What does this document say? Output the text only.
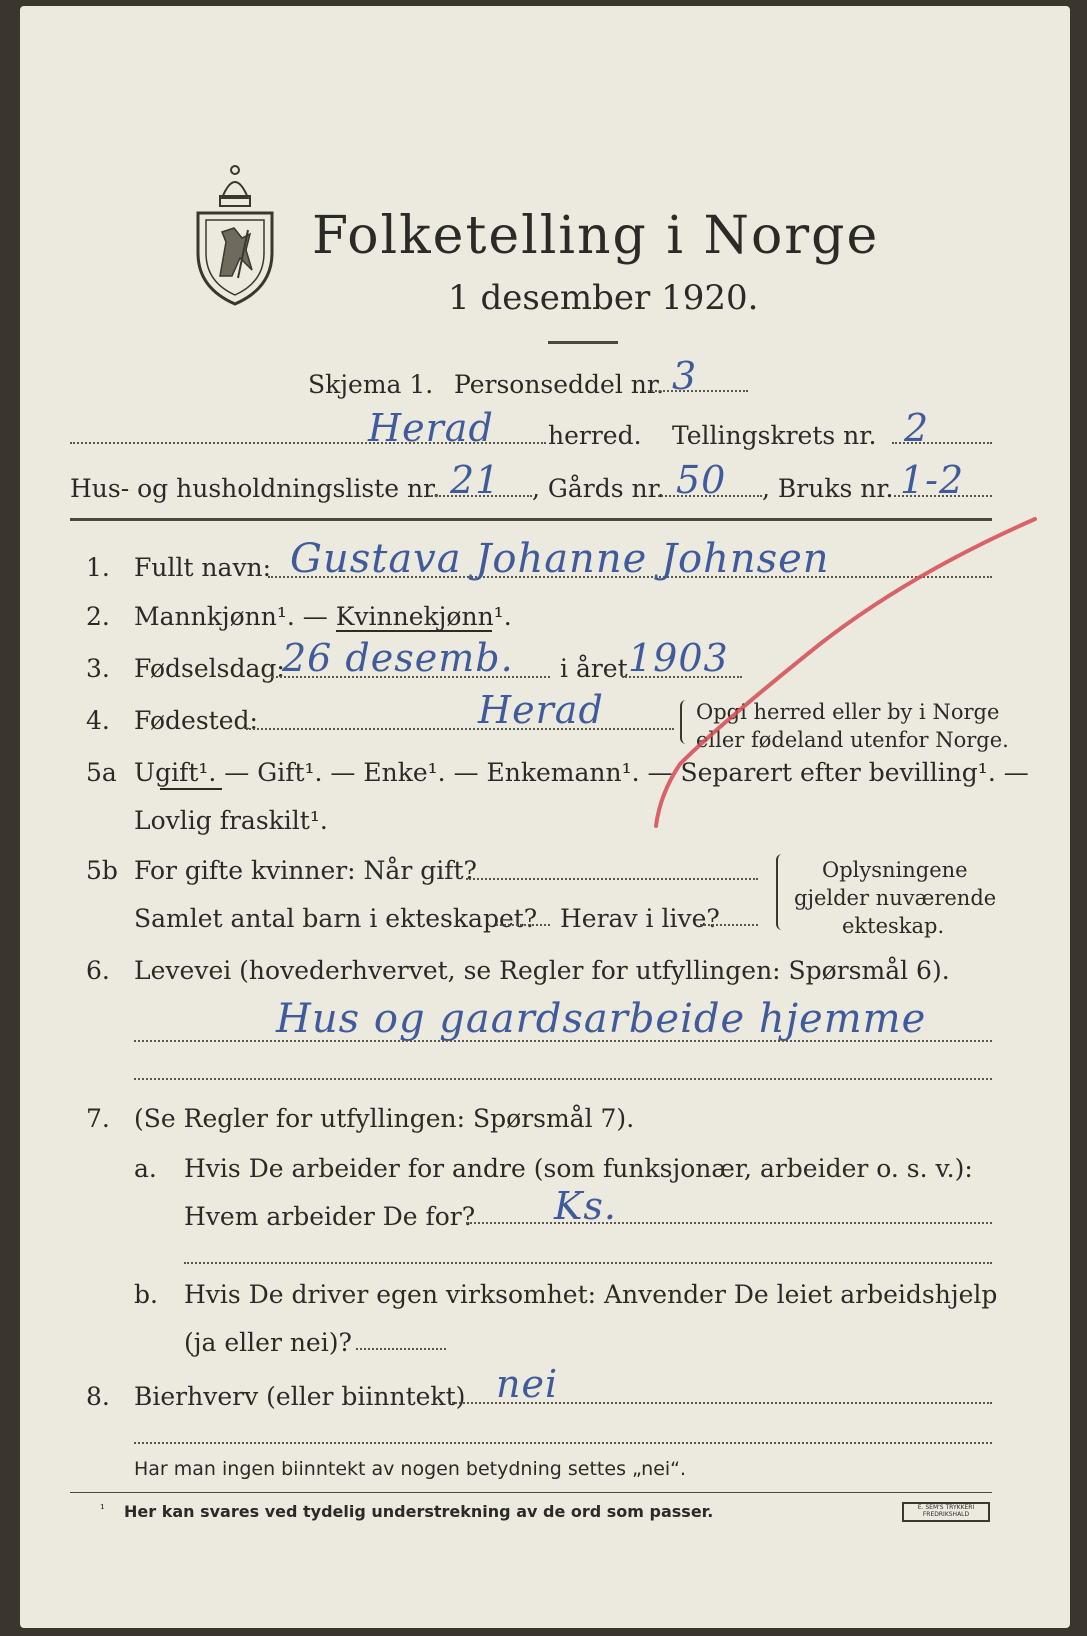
Folketelling i Norge
1 desember 1920.
Skjema 1. Personseddel nr. 3
Herad herred. Tellingskrets nr. 2
Hus- og husholdningsliste nr. 21 , Gårds nr. 50 , Bruks nr. 1-2
1. Fullt navn: Gustava Johanne Johnsen
2. Mannkjønn¹. — Kvinnekjønn¹.
3. Fødselsdag:
26 desemb. i året 1903
4. Fødested:	Herad	Opgi herred eller by i Norge
eller fødeland utenfor Norge.
5a Ugift¹. — Gift¹. — Enke¹. — Enkemann¹. — Separert efter bevilling¹. —
Lovlig fraskilt¹.
5b For gifte kvinner: Når gift?
Samlet antal barn i ekteskapet? Herav i live?
Oplysningene
gjelder nuværende
ekteskap.
6. Levevei (hovederhvervet, se Regler for utfyllingen: Spørsmål 6).
Hus og gaardsarbeide hjemme
7. (Se Regler for utfyllingen: Spørsmål 7).
a. Hvis De arbeider for andre (som funksjonær, arbeider o. s. v.):
Hvem arbeider De for? Ks.
b. Hvis De driver egen virksomhet: Anvender De leiet arbeidshjelp
(ja eller nei)?
8. Bierhverv (eller biinntekt) nei
Har man ingen biinntekt av nogen betydning settes „nei“.
¹ Her kan svares ved tydelig understrekning av de ord som passer.	E. SEM'S TRYKKERI FREDRIKSHALD
